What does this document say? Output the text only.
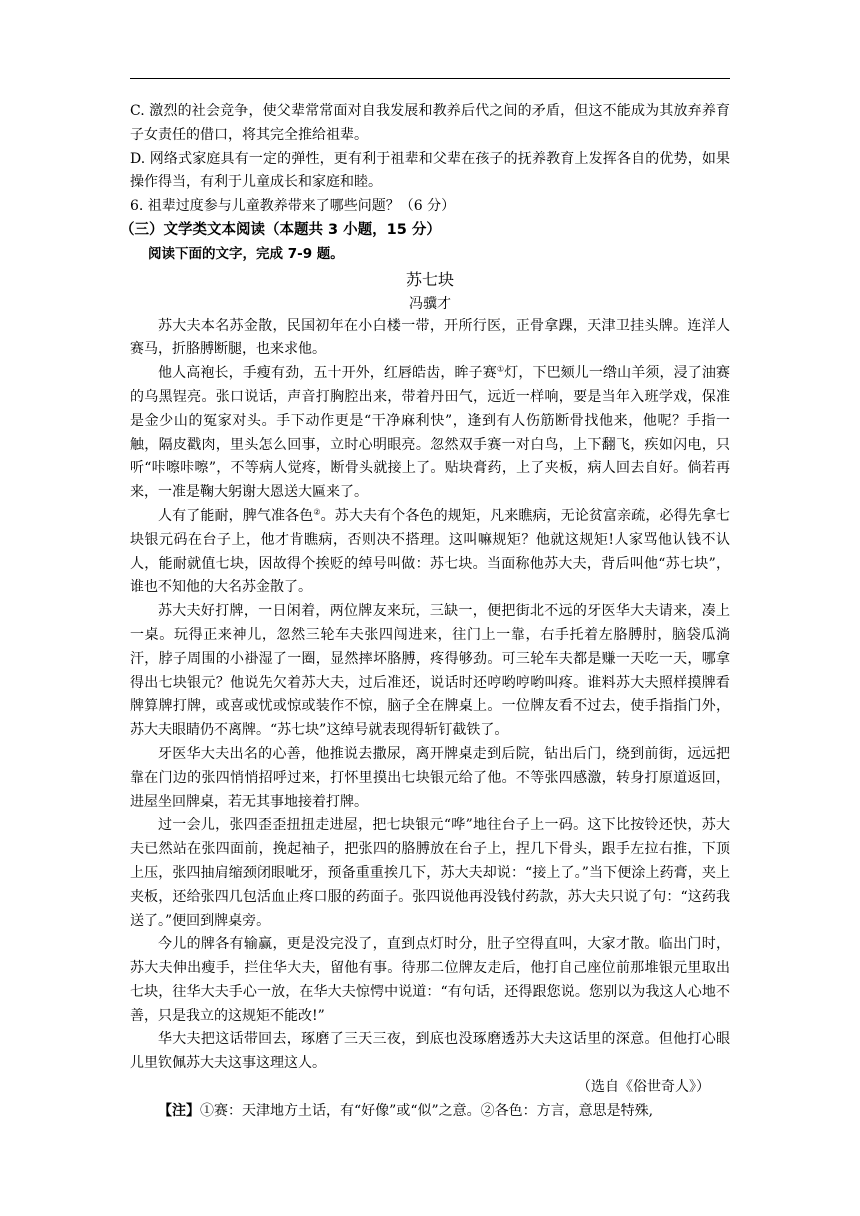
C. 激烈的社会竞争，使父辈常常面对自我发展和教养后代之间的矛盾，但这不能成为其放弃养育子女责任的借口，将其完全推给祖辈。

D. 网络式家庭具有一定的弹性，更有利于祖辈和父辈在孩子的抚养教育上发挥各自的优势，如果操作得当，有利于儿童成长和家庭和睦。

6. 祖辈过度参与儿童教养带来了哪些问题？（6 分）

（三）文学类文本阅读（本题共 3 小题，15 分）

阅读下面的文字，完成 7-9 题。

苏七块

冯骥才

苏大夫本名苏金散，民国初年在小白楼一带，开所行医，正骨拿踝，天津卫挂头牌。连洋人赛马，折胳膊断腿，也来求他。

他人高袍长，手瘦有劲，五十开外，红唇皓齿，眸子赛①灯，下巴颏儿一绺山羊须，浸了油赛的乌黑锃亮。张口说话，声音打胸腔出来，带着丹田气，远近一样响，要是当年入班学戏，保准是金少山的冤家对头。手下动作更是“干净麻利快”，逢到有人伤筋断骨找他来，他呢？手指一触，隔皮戳肉，里头怎么回事，立时心明眼亮。忽然双手赛一对白鸟，上下翻飞，疾如闪电，只听“咔嚓咔嚓”，不等病人觉疼，断骨头就接上了。贴块膏药，上了夹板，病人回去自好。倘若再来，一准是鞠大躬谢大恩送大匾来了。

人有了能耐，脾气准各色②。苏大夫有个各色的规矩，凡来瞧病，无论贫富亲疏，必得先拿七块银元码在台子上，他才肯瞧病，否则决不搭理。这叫嘛规矩？他就这规矩!人家骂他认钱不认人，能耐就值七块，因故得个挨贬的绰号叫做：苏七块。当面称他苏大夫，背后叫他“苏七块”，谁也不知他的大名苏金散了。

苏大夫好打牌，一日闲着，两位牌友来玩，三缺一，便把街北不远的牙医华大夫请来，凑上一桌。玩得正来神儿，忽然三轮车夫张四闯进来，往门上一靠，右手托着左胳膊肘，脑袋瓜淌汗，脖子周围的小褂湿了一圈，显然摔坏胳膊，疼得够劲。可三轮车夫都是赚一天吃一天，哪拿得出七块银元？他说先欠着苏大夫，过后准还，说话时还哼哟哼哟叫疼。谁料苏大夫照样摸牌看牌算牌打牌，或喜或忧或惊或装作不惊，脑子全在牌桌上。一位牌友看不过去，使手指指门外，苏大夫眼睛仍不离牌。“苏七块”这绰号就表现得斩钉截铁了。

牙医华大夫出名的心善，他推说去撒尿，离开牌桌走到后院，钻出后门，绕到前街，远远把靠在门边的张四悄悄招呼过来，打怀里摸出七块银元给了他。不等张四感激，转身打原道返回，进屋坐回牌桌，若无其事地接着打牌。

过一会儿，张四歪歪扭扭走进屋，把七块银元“哗”地往台子上一码。这下比按铃还快，苏大夫已然站在张四面前，挽起袖子，把张四的胳膊放在台子上，捏几下骨头，跟手左拉右推，下顶上压，张四抽肩缩颈闭眼呲牙，预备重重挨几下，苏大夫却说：“接上了。”当下便涂上药膏，夹上夹板，还给张四几包活血止疼口服的药面子。张四说他再没钱付药款，苏大夫只说了句：“这药我送了。”便回到牌桌旁。

今儿的牌各有输赢，更是没完没了，直到点灯时分，肚子空得直叫，大家才散。临出门时，苏大夫伸出瘦手，拦住华大夫，留他有事。待那二位牌友走后，他打自己座位前那堆银元里取出七块，往华大夫手心一放，在华大夫惊愕中说道：“有句话，还得跟您说。您别以为我这人心地不善，只是我立的这规矩不能改!”

华大夫把这话带回去，琢磨了三天三夜，到底也没琢磨透苏大夫这话里的深意。但他打心眼儿里钦佩苏大夫这事这理这人。

（选自《俗世奇人》）

【注】①赛：天津地方土话，有“好像”或“似”之意。②各色：方言，意思是特殊,
